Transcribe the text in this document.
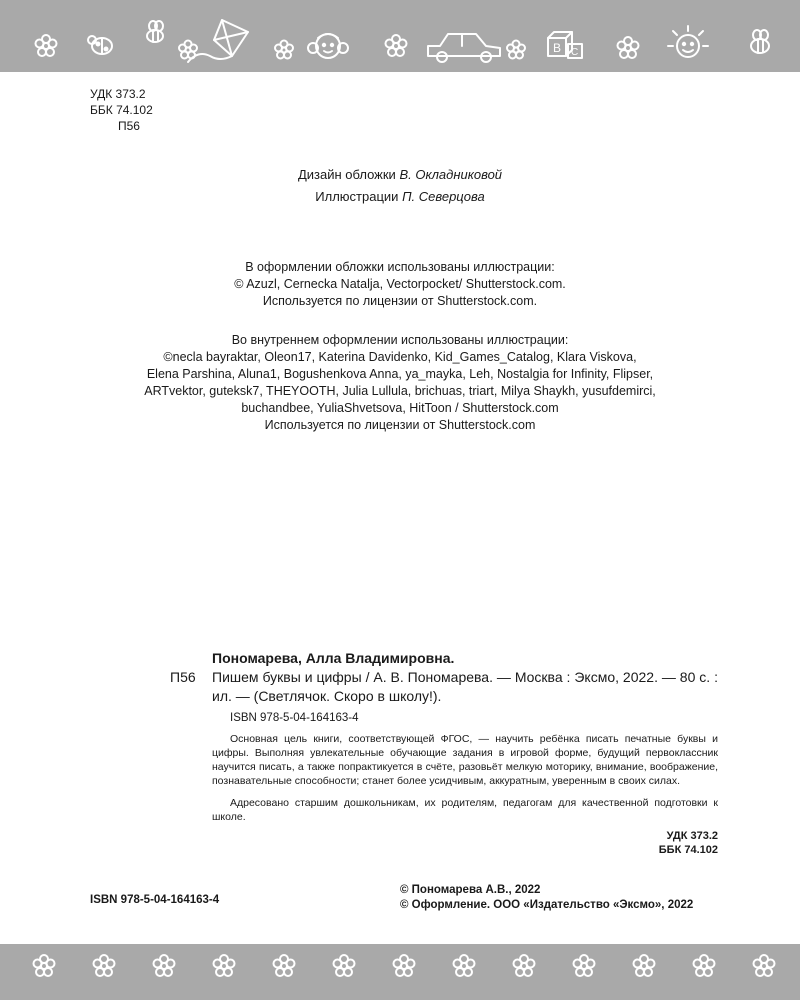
B C

УДК 373.2

ББК 74.102

П56

Дизайн обложки В. Окладниковой

Иллюстрации П. Северцова

В оформлении обложки использованы иллюстрации:

© Azuzl, Cernecka Natalja, Vectorpocket/ Shutterstock.com.

Используется по лицензии от Shutterstock.com.

Во внутреннем оформлении использованы иллюстрации:

©necla bayraktar, Oleon17, Katerina Davidenko, Kid_Games_Catalog, Klara Viskova,

Elena Parshina, Aluna1, Bogushenkova Anna, ya_mayka, Leh, Nostalgia for Infinity, Flipser,

ARTvektor, guteksk7, THEYOOTH, Julia Lullula, brichuas, triart, Milya Shaykh, yusufdemirci,

buchandbee, YuliaShvetsova, HitToon / Shutterstock.com

Используется по лицензии от Shutterstock.com

Пономарева, Алла Владимировна.

П56 Пишем буквы и цифры / А. В. Пономарева. — Москва : Эксмо, 2022. — 80 с. : ил. — (Светлячок. Скоро в школу!).

ISBN 978-5-04-164163-4

Основная цель книги, соответствующей ФГОС, — научить ребёнка писать печатные буквы и цифры. Выполняя увлекательные обучающие задания в игровой форме, будущий первоклассник научится писать, а также попрактикуется в счёте, разовьёт мелкую моторику, внимание, воображение, познавательные способности; станет более усидчивым, аккуратным, уверенным в своих силах.

Адресовано старшим дошкольникам, их родителям, педагогам для качественной подготовки к школе.

УДК 373.2

ББК 74.102

ISBN 978-5-04-164163-4

© Пономарева А.В., 2022

© Оформление. ООО «Издательство «Эксмо», 2022
